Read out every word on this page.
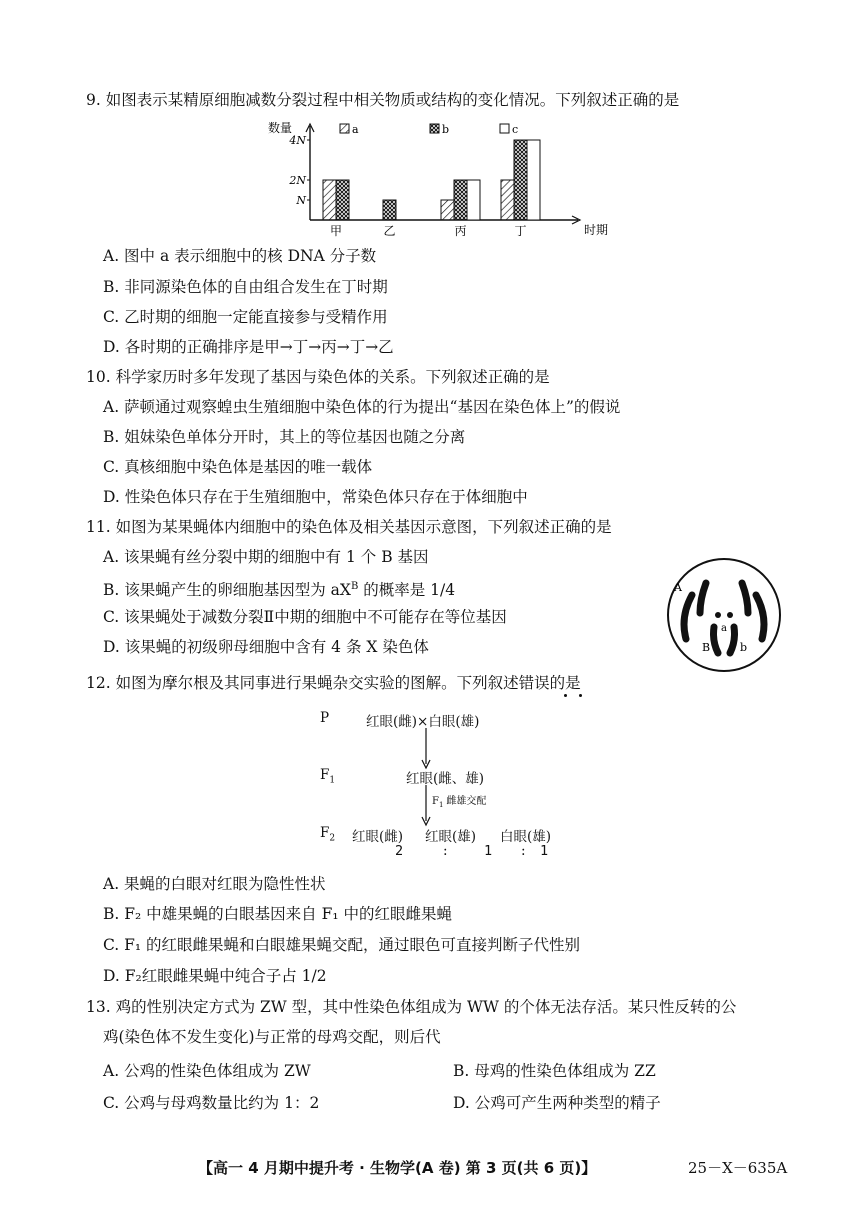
9. 如图表示某精原细胞减数分裂过程中相关物质或结构的变化情况。下列叙述正确的是
数量
时期
N
2N
4N
a	b	c
甲	乙	丙	丁
A. 图中 a 表示细胞中的核 DNA 分子数
B. 非同源染色体的自由组合发生在丁时期
C. 乙时期的细胞一定能直接参与受精作用
D. 各时期的正确排序是甲→丁→丙→丁→乙
10. 科学家历时多年发现了基因与染色体的关系。下列叙述正确的是
A. 萨顿通过观察蝗虫生殖细胞中染色体的行为提出“基因在染色体上”的假说
B. 姐妹染色单体分开时，其上的等位基因也随之分离
C. 真核细胞中染色体是基因的唯一载体
D. 性染色体只存在于生殖细胞中，常染色体只存在于体细胞中
11. 如图为某果蝇体内细胞中的染色体及相关基因示意图，下列叙述正确的是
A. 该果蝇有丝分裂中期的细胞中有 1 个 B 基因
B. 该果蝇产生的卵细胞基因型为 $aX^B$ 的概率是 1/4
C. 该果蝇处于减数分裂Ⅱ中期的细胞中不可能存在等位基因
D. 该果蝇的初级卵母细胞中含有 4 条 X 染色体
A
a
B	b
12. 如图为摩尔根及其同事进行果蝇杂交实验的图解。下列叙述错误的是
P	红眼(雌)×白眼(雄)
$F_1$	红眼(雌、雄)
$F_1$ 雌雄交配
$F_2$ 红眼(雌) 红眼(雄) 白眼(雄)
2	:	1 : 1
A. 果蝇的白眼对红眼为隐性性状
B. F₂ 中雄果蝇的白眼基因来自 F₁ 中的红眼雌果蝇
C. F₁ 的红眼雌果蝇和白眼雄果蝇交配，通过眼色可直接判断子代性别
D. F₂红眼雌果蝇中纯合子占 1/2
13. 鸡的性别决定方式为 ZW 型，其中性染色体组成为 WW 的个体无法存活。某只性反转的公
鸡(染色体不发生变化)与正常的母鸡交配，则后代
A. 公鸡的性染色体组成为 ZW	B. 母鸡的性染色体组成为 ZZ
C. 公鸡与母鸡数量比约为 1：2	D. 公鸡可产生两种类型的精子
【高一 4 月期中提升考 · 生物学(A 卷) 第 3 页(共 6 页)】	25－X－635A
